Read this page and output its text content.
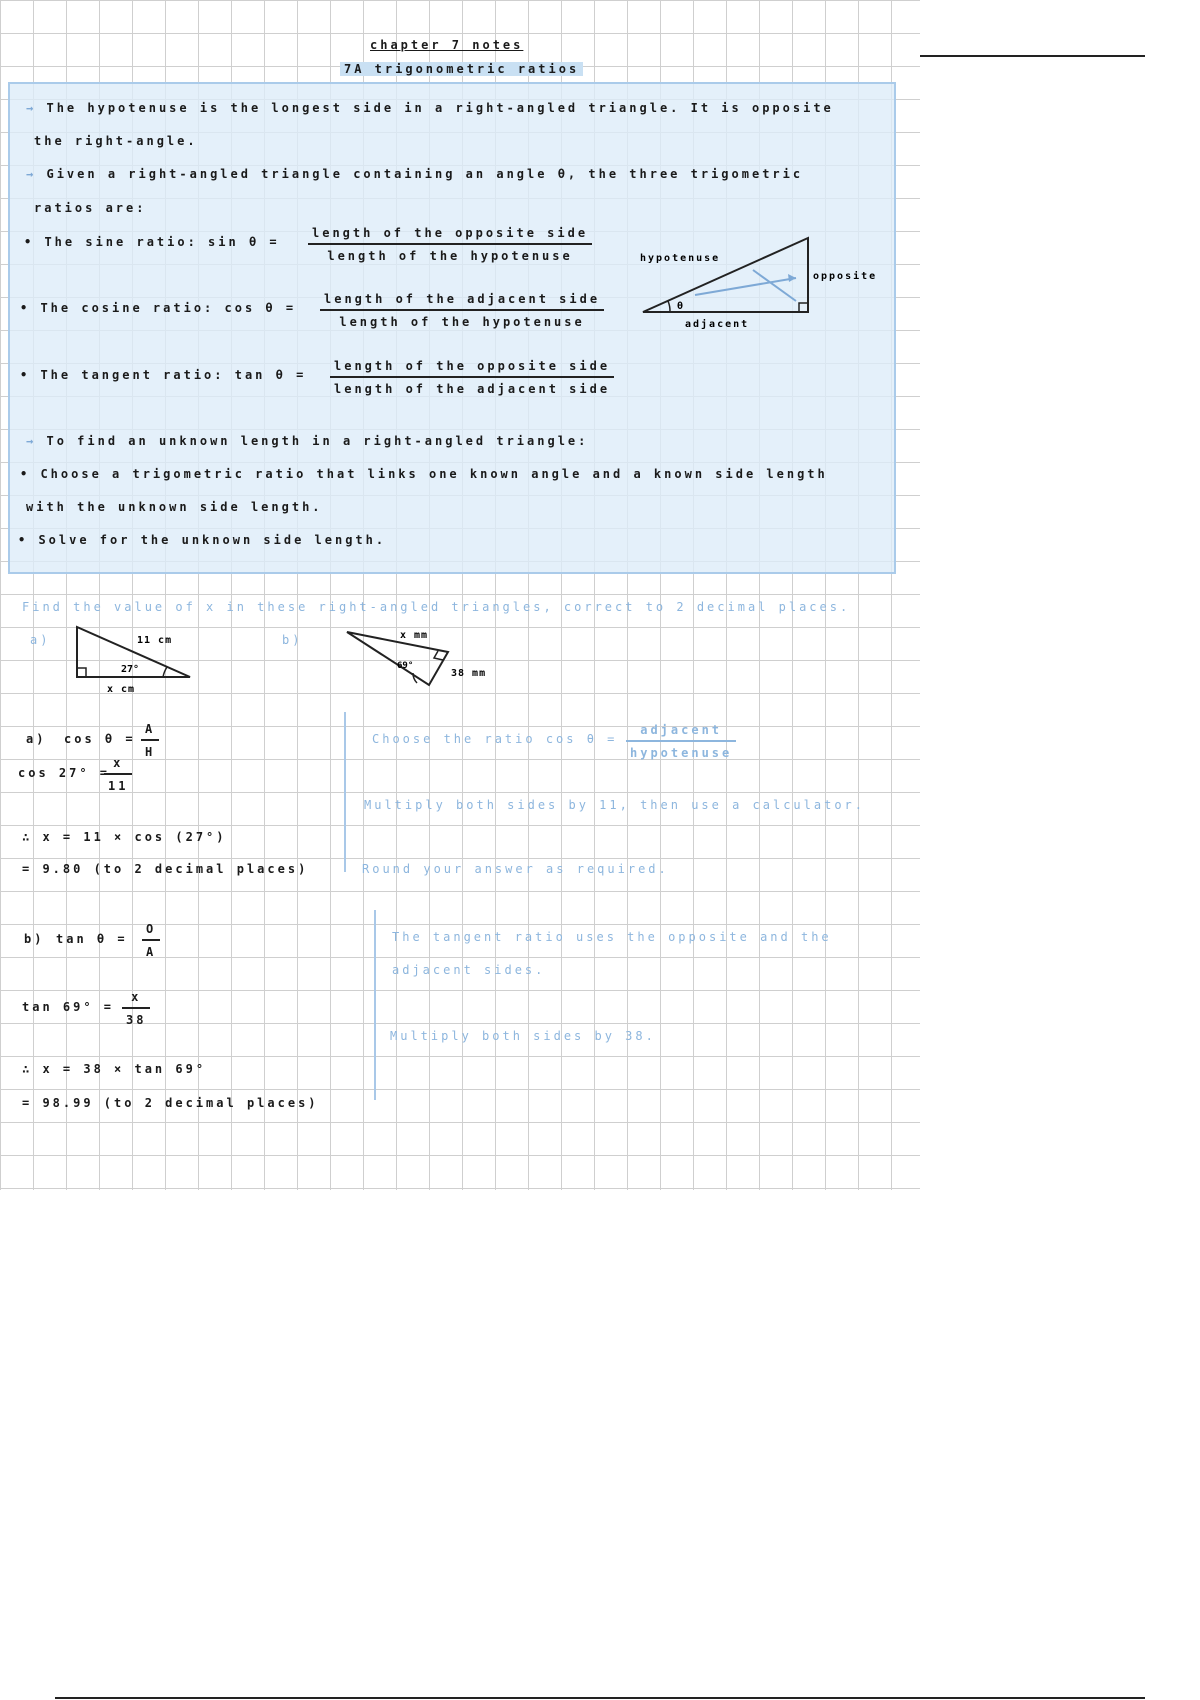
chapter 7 notes
7A trigonometric ratios
→ The hypotenuse is the longest side in a right-angled triangle. It is opposite
the right-angle.
→ Given a right-angled triangle containing an angle θ, the three trigometric
ratios are:
• The sine ratio: sin θ =
length of the opposite side
length of the hypotenuse
• The cosine ratio: cos θ =
length of the adjacent side
length of the hypotenuse
• The tangent ratio: tan θ =
length of the opposite side
length of the adjacent side
hypotenuse
opposite
adjacent
θ
→ To find an unknown length in a right-angled triangle:
• Choose a trigometric ratio that links one known angle and a known side length
with the unknown side length.
• Solve for the unknown side length.
Find the value of x in these right-angled triangles, correct to 2 decimal places.
a)	11 cm
27°
x cm
b)	x mm
69°
38 mm
a) $\cos \theta = \frac{A}{H}$
cos 27° =
$\frac{x}{11}$
∴ x = 11 × cos (27°)
= 9.80 (to 2 decimal places)
Choose the ratio cos θ =
adjacent
hypotenuse
Multiply both sides by 11, then use a calculator.
Round your answer as required.
b) $\tan \theta = \frac{O}{A}$
$\tan 69^\circ = \frac{x}{38}$
∴ x = 38 × tan 69°
= 98.99 (to 2 decimal places)
The tangent ratio uses the opposite and the
adjacent sides.
Multiply both sides by 38.
